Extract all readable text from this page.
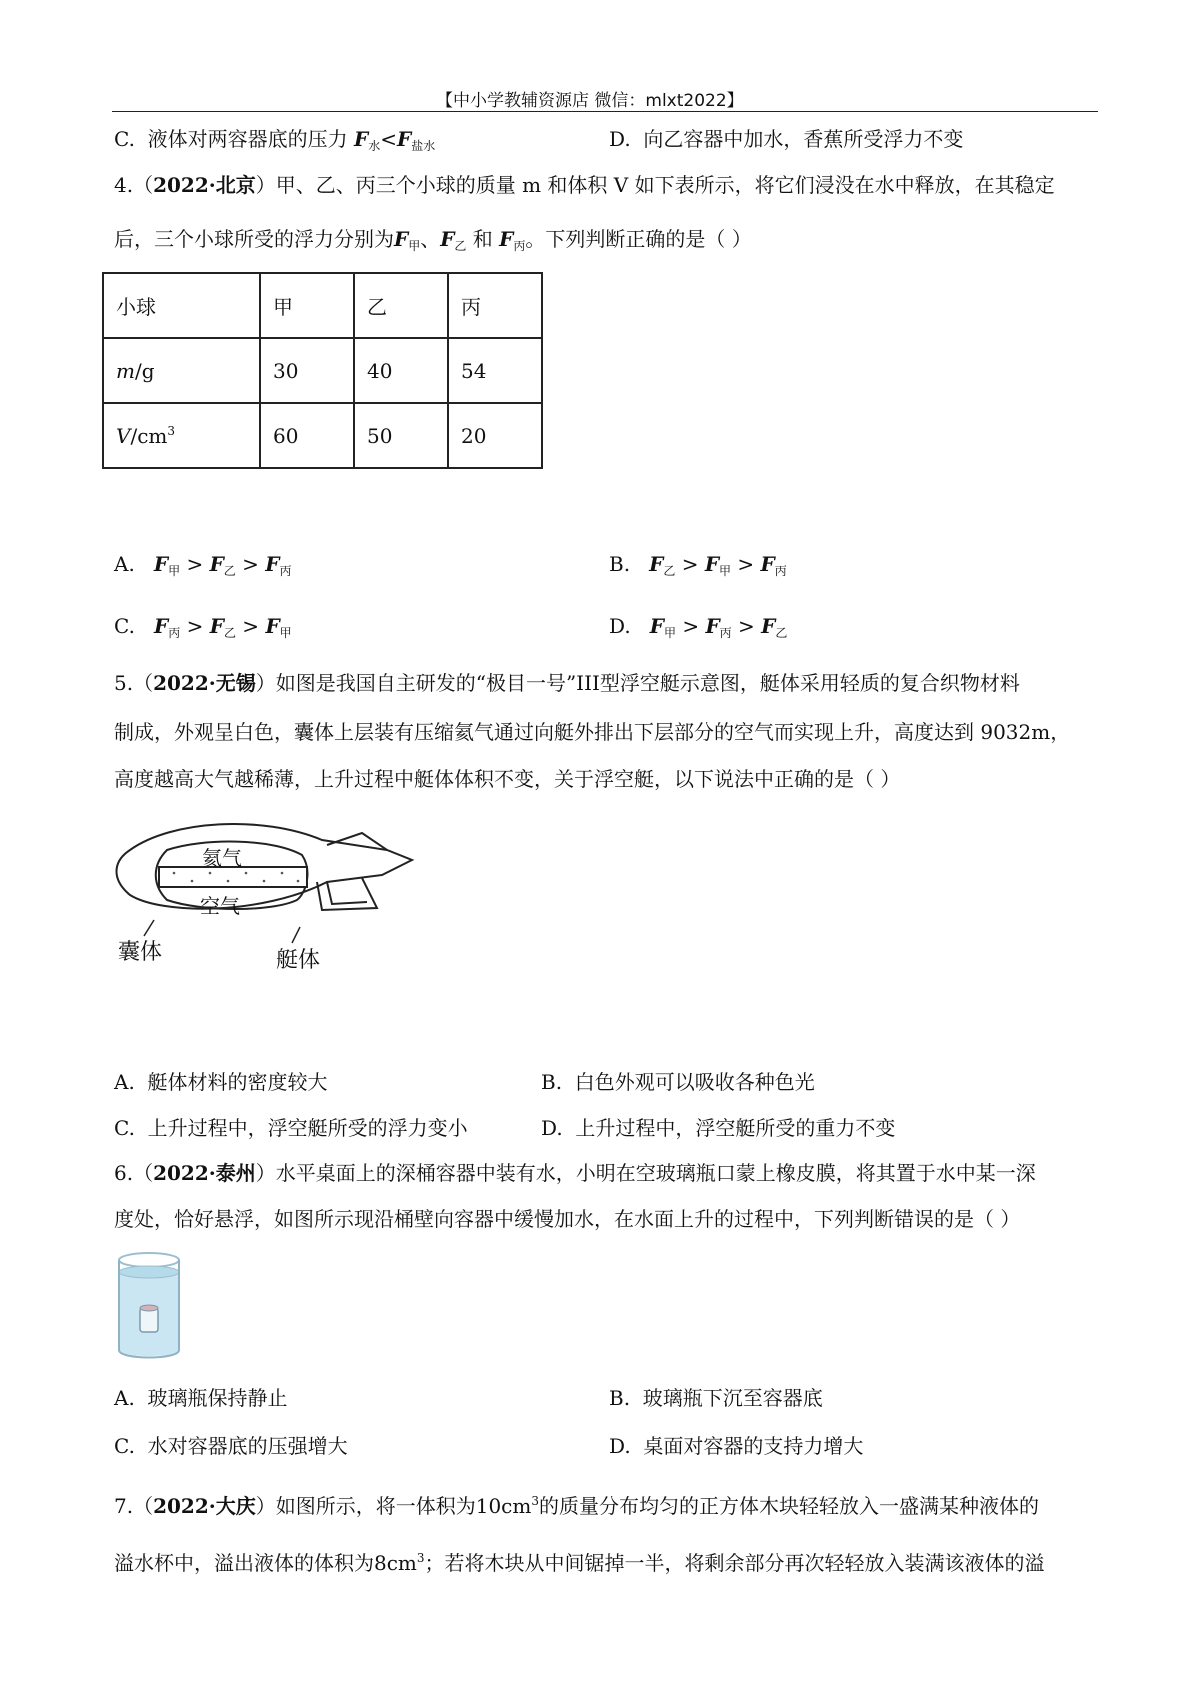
【中小学教辅资源店 微信：mlxt2022】
C. 液体对两容器底的压力 $F_水<F_{盐水}$	D. 向乙容器中加水，香蕉所受浮力不变
4.（2022·北京）甲、乙、丙三个小球的质量 m 和体积 V 如下表所示，将它们浸没在水中释放，在其稳定
后，三个小球所受的浮力分别为$F_甲$、$F_乙$ 和 $F_丙$。下列判断正确的是（ ）
小球	甲	乙	丙
m/g	30	40	54
$V/cm^3$	60	50	20
A. $F_甲 > F_乙 > F_丙$	B. $F_乙 > F_甲 > F_丙$
C. $F_丙 > F_乙 > F_甲$	D. $F_甲 > F_丙 > F_乙$
5.（2022·无锡）如图是我国自主研发的“极目一号”III型浮空艇示意图，艇体采用轻质的复合织物材料
制成，外观呈白色，囊体上层装有压缩氦气通过向艇外排出下层部分的空气而实现上升，高度达到 9032m，
高度越高大气越稀薄，上升过程中艇体体积不变，关于浮空艇，以下说法中正确的是（ ）
氦气
空气
囊体	艇体
A. 艇体材料的密度较大	B. 白色外观可以吸收各种色光
C. 上升过程中，浮空艇所受的浮力变小	D. 上升过程中，浮空艇所受的重力不变
6.（2022·泰州）水平桌面上的深桶容器中装有水，小明在空玻璃瓶口蒙上橡皮膜，将其置于水中某一深
度处，恰好悬浮，如图所示现沿桶壁向容器中缓慢加水，在水面上升的过程中，下列判断错误的是（ ）
A. 玻璃瓶保持静止	B. 玻璃瓶下沉至容器底
C. 水对容器底的压强增大	D. 桌面对容器的支持力增大
7.（2022·大庆）如图所示，将一体积为$10cm^3$的质量分布均匀的正方体木块轻轻放入一盛满某种液体的
溢水杯中，溢出液体的体积为$8cm^3$；若将木块从中间锯掉一半，将剩余部分再次轻轻放入装满该液体的溢
